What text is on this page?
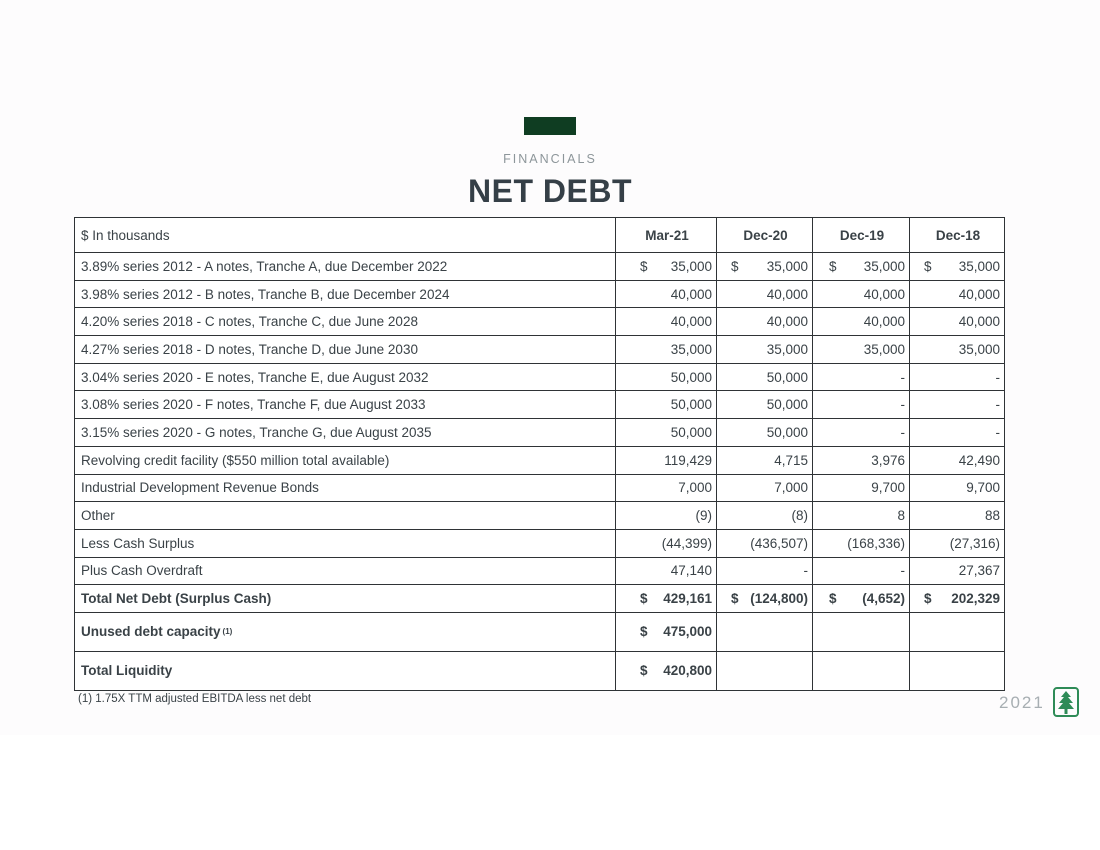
FINANCIALS
NET DEBT
$ In thousands	Mar-21	Dec-20	Dec-19	Dec-18
3.89% series 2012 - A notes, Tranche A, due December 2022	$ 35,000	$ 35,000	$ 35,000	$ 35,000
3.98% series 2012 - B notes, Tranche B, due December 2024	40,000	40,000	40,000	40,000
4.20% series 2018 - C notes, Tranche C, due June 2028	40,000	40,000	40,000	40,000
4.27% series 2018 - D notes, Tranche D, due June 2030	35,000	35,000	35,000	35,000
3.04% series 2020 - E notes, Tranche E, due August 2032	50,000	50,000	-	-
3.08% series 2020 - F notes, Tranche F, due August 2033	50,000	50,000	-	-
3.15% series 2020 - G notes, Tranche G, due August 2035	50,000	50,000	-	-
Revolving credit facility ($550 million total available)	119,429	4,715	3,976	42,490
Industrial Development Revenue Bonds	7,000	7,000	9,700	9,700
Other	(9)	(8)	8	88
Less Cash Surplus	(44,399)	(436,507)	(168,336)	(27,316)
Plus Cash Overdraft	47,140	-	-	27,367
Total Net Debt (Surplus Cash)	$ 429,161	$ (124,800)	$ (4,652)	$ 202,329
Unused debt capacity $^{(1)}$	$ 475,000			
Total Liquidity	$ 420,800			
(1) 1.75X TTM adjusted EBITDA less net debt	2021
